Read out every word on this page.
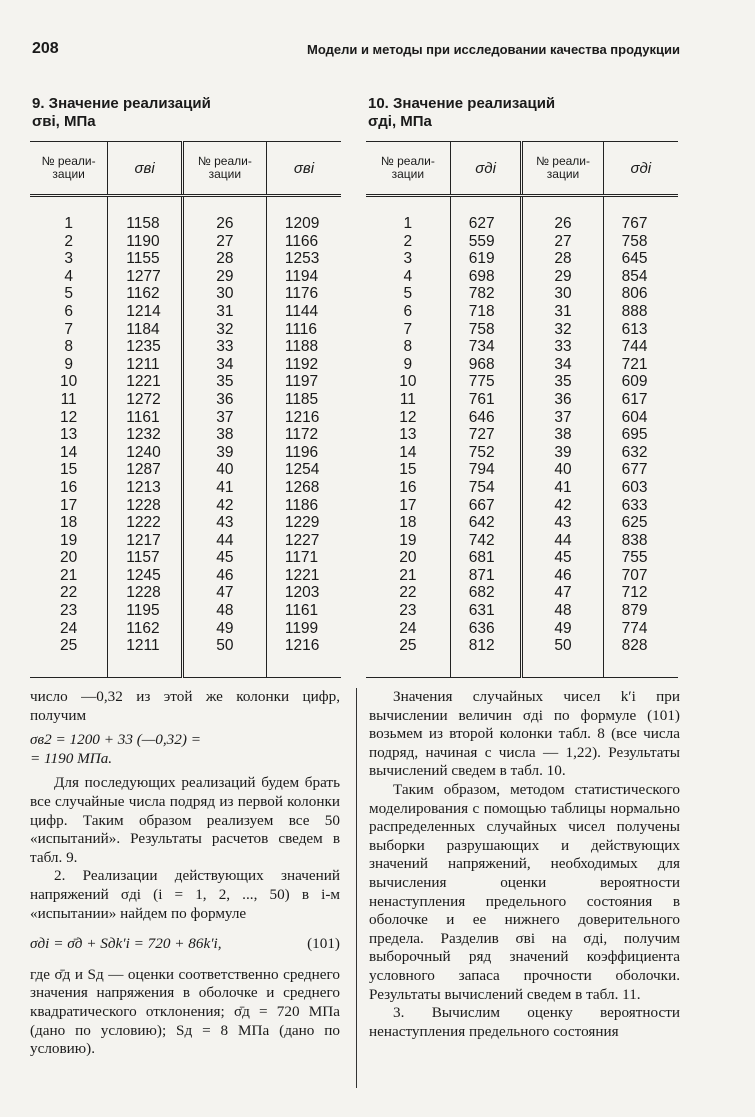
208	Модели и методы при исследовании качества продукции
9. Значение реализаций
σвi, МПа
10. Значение реализаций
σдi, МПа
№ реали-
зации	σвi	№ реали-
зации	σвi
1	1158	26	1209
2	1190	27	1166
3	1155	28	1253
4	1277	29	1194
5	1162	30	1176
6	1214	31	1144
7	1184	32	1116
8	1235	33	1188
9	1211	34	1192
10	1221	35	1197
11	1272	36	1185
12	1161	37	1216
13	1232	38	1172
14	1240	39	1196
15	1287	40	1254
16	1213	41	1268
17	1228	42	1186
18	1222	43	1229
19	1217	44	1227
20	1157	45	1171
21	1245	46	1221
22	1228	47	1203
23	1195	48	1161
24	1162	49	1199
25	1211	50	1216
№ реали-
зации	σдi	№ реали-
зации	σдi
1	627	26	767
2	559	27	758
3	619	28	645
4	698	29	854
5	782	30	806
6	718	31	888
7	758	32	613
8	734	33	744
9	968	34	721
10	775	35	609
11	761	36	617
12	646	37	604
13	727	38	695
14	752	39	632
15	794	40	677
16	754	41	603
17	667	42	633
18	642	43	625
19	742	44	838
20	681	45	755
21	871	46	707
22	682	47	712
23	631	48	879
24	636	49	774
25	812	50	828

число —0,32 из этой же колонки цифр, получим

σв2 = 1200 + 33 (—0,32) =
= 1190 МПа.

Для последующих реализаций будем брать все случайные числа подряд из первой колонки цифр. Таким образом реализуем все 50 «испытаний». Результаты расчетов сведем в табл. 9.

2. Реализации действующих значений напряжений σдi (i = 1, 2, ..., 50) в i-м «испытании» найдем по формуле

σдi = σ̄д + Sдk′i = 720 + 86k′i,	(101)

где σ̄д и Sд — оценки соответственно среднего значения напряжения в оболочке и среднего квадратического отклонения; σ̄д = 720 МПа (дано по условию); Sд = 8 МПа (дано по условию).

Значения случайных чисел k′i при вычислении величин σдi по формуле (101) возьмем из второй колонки табл. 8 (все числа подряд, начиная с числа — 1,22). Результаты вычислений сведем в табл. 10.

Таким образом, методом статистического моделирования с помощью таблицы нормально распределенных случайных чисел получены выборки разрушающих и действующих значений напряжений, необходимых для вычисления оценки вероятности ненаступления предельного состояния в оболочке и ее нижнего доверительного предела. Разделив σвi на σдi, получим выборочный ряд значений коэффициента условного запаса прочности оболочки. Результаты вычислений сведем в табл. 11.

3. Вычислим оценку вероятности ненаступления предельного состояния
